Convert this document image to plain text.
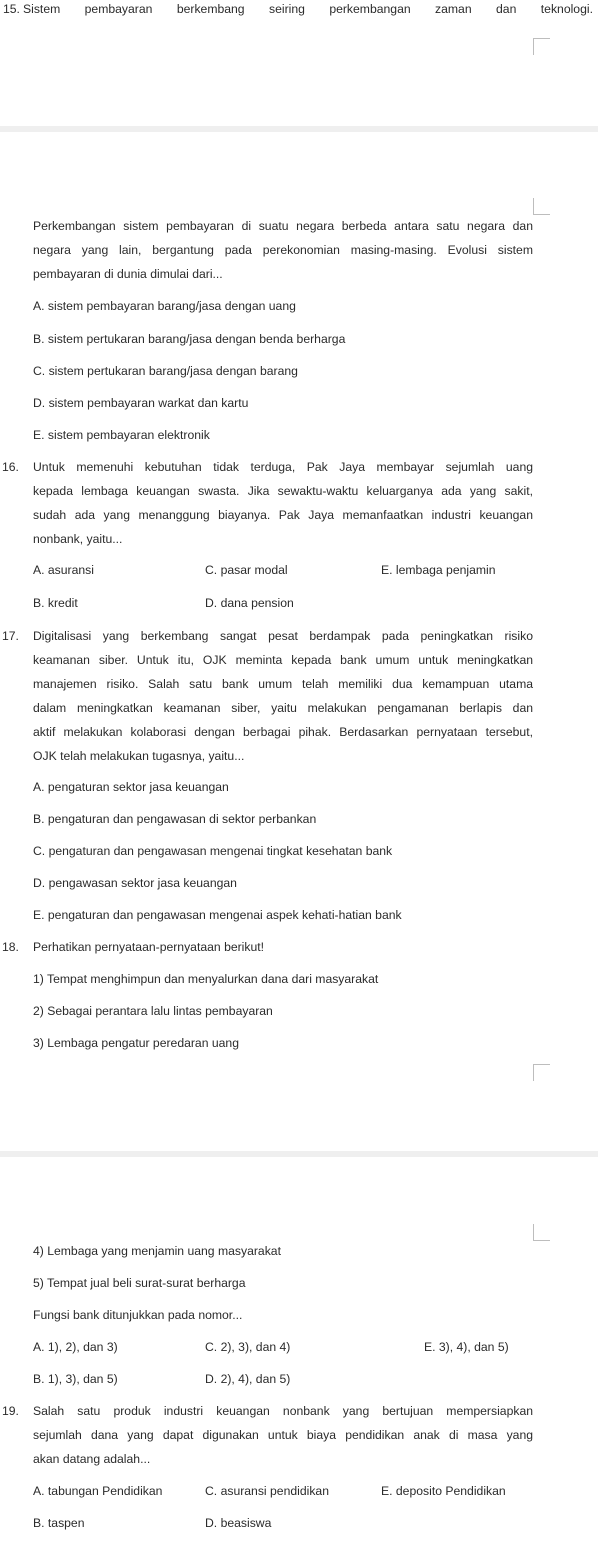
15. Sistem pembayaran berkembang seiring perkembangan zaman dan teknologi.
Perkembangan sistem pembayaran di suatu negara berbeda antara satu negara dan
negara yang lain, bergantung pada perekonomian masing-masing. Evolusi sistem
pembayaran di dunia dimulai dari...
A. sistem pembayaran barang/jasa dengan uang
B. sistem pertukaran barang/jasa dengan benda berharga
C. sistem pertukaran barang/jasa dengan barang
D. sistem pembayaran warkat dan kartu
E. sistem pembayaran elektronik
16. Untuk memenuhi kebutuhan tidak terduga, Pak Jaya membayar sejumlah uang
kepada lembaga keuangan swasta. Jika sewaktu-waktu keluarganya ada yang sakit,
sudah ada yang menanggung biayanya. Pak Jaya memanfaatkan industri keuangan
nonbank, yaitu...
A. asuransi	C. pasar modal	E. lembaga penjamin
B. kredit	D. dana pension
17. Digitalisasi yang berkembang sangat pesat berdampak pada peningkatkan risiko
keamanan siber. Untuk itu, OJK meminta kepada bank umum untuk meningkatkan
manajemen risiko. Salah satu bank umum telah memiliki dua kemampuan utama
dalam meningkatkan keamanan siber, yaitu melakukan pengamanan berlapis dan
aktif melakukan kolaborasi dengan berbagai pihak. Berdasarkan pernyataan tersebut,
OJK telah melakukan tugasnya, yaitu...
A. pengaturan sektor jasa keuangan
B. pengaturan dan pengawasan di sektor perbankan
C. pengaturan dan pengawasan mengenai tingkat kesehatan bank
D. pengawasan sektor jasa keuangan
E. pengaturan dan pengawasan mengenai aspek kehati-hatian bank
18. Perhatikan pernyataan-pernyataan berikut!
1) Tempat menghimpun dan menyalurkan dana dari masyarakat
2) Sebagai perantara lalu lintas pembayaran
3) Lembaga pengatur peredaran uang
4) Lembaga yang menjamin uang masyarakat
5) Tempat jual beli surat-surat berharga
Fungsi bank ditunjukkan pada nomor...
A. 1), 2), dan 3)	C. 2), 3), dan 4)	E. 3), 4), dan 5)
B. 1), 3), dan 5)	D. 2), 4), dan 5)
19. Salah satu produk industri keuangan nonbank yang bertujuan mempersiapkan
sejumlah dana yang dapat digunakan untuk biaya pendidikan anak di masa yang
akan datang adalah...
A. tabungan Pendidikan	C. asuransi pendidikan	E. deposito Pendidikan
B. taspen	D. beasiswa
